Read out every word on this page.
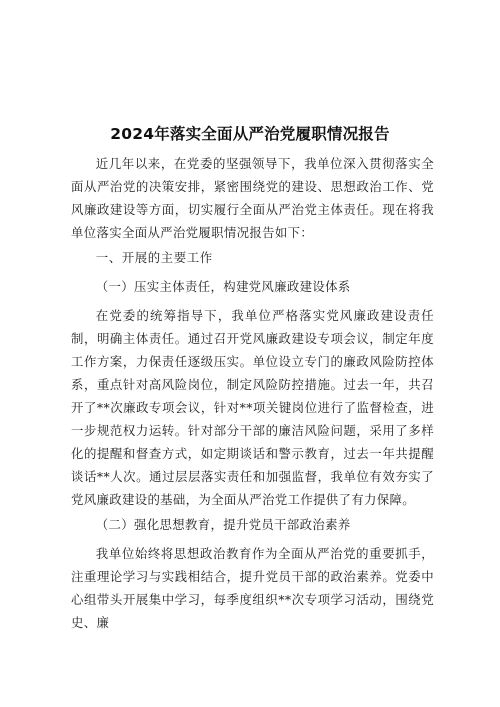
2024年落实全面从严治党履职情况报告
近几年以来，在党委的坚强领导下，我单位深入贯彻落实全面从严治党的决策安排，紧密围绕党的建设、思想政治工作、党风廉政建设等方面，切实履行全面从严治党主体责任。现在将我单位落实全面从严治党履职情况报告如下：
一、开展的主要工作
（一）压实主体责任，构建党风廉政建设体系
在党委的统筹指导下，我单位严格落实党风廉政建设责任制，明确主体责任。通过召开党风廉政建设专项会议，制定年度工作方案，力保责任逐级压实。单位设立专门的廉政风险防控体系，重点针对高风险岗位，制定风险防控措施。过去一年，共召开了**次廉政专项会议，针对**项关键岗位进行了监督检查，进一步规范权力运转。针对部分干部的廉洁风险问题，采用了多样化的提醒和督查方式，如定期谈话和警示教育，过去一年共提醒谈话**人次。通过层层落实责任和加强监督，我单位有效夯实了党风廉政建设的基础，为全面从严治党工作提供了有力保障。
（二）强化思想教育，提升党员干部政治素养
我单位始终将思想政治教育作为全面从严治党的重要抓手，注重理论学习与实践相结合，提升党员干部的政治素养。党委中心组带头开展集中学习，每季度组织**次专项学习活动，围绕党史、廉
